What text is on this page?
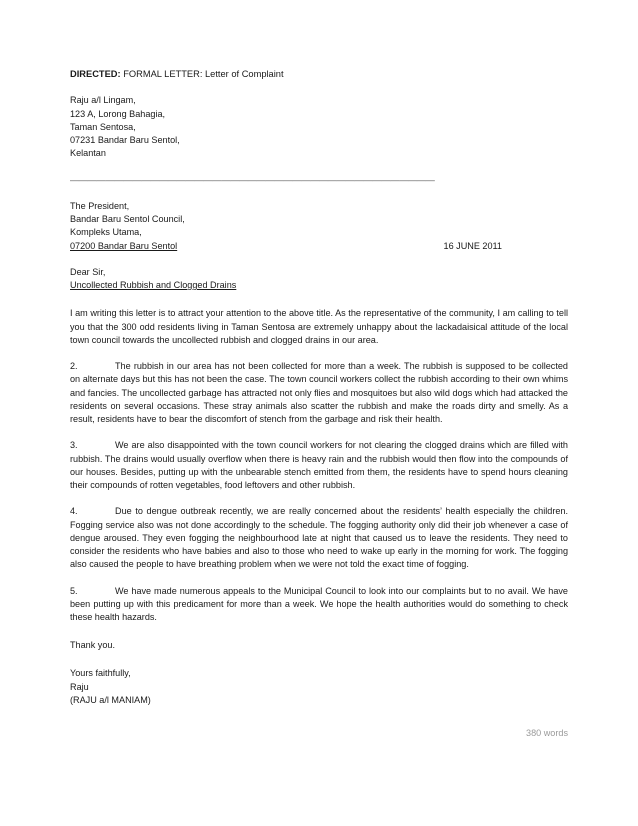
DIRECTED: FORMAL LETTER: Letter of Complaint

Raju a/l Lingam,
123 A, Lorong Bahagia,
Taman Sentosa,
07231 Bandar Baru Sentol,
Kelantan
—————————————————————————————————————————
The President,
Bandar Baru Sentol Council,
Kompleks Utama,
07200 Bandar Baru Sentol	16 JUNE 2011
Dear Sir,
Uncollected Rubbish and Clogged Drains

I am writing this letter is to attract your attention to the above title. As the representative of the community, I am calling to tell you that the 300 odd residents living in Taman Sentosa are extremely unhappy about the lackadaisical attitude of the local town council towards the uncollected rubbish and clogged drains in our area.

2.	The rubbish in our area has not been collected for more than a week. The rubbish is supposed to be collected on alternate days but this has not been the case. The town council workers collect the rubbish according to their own whims and fancies. The uncollected garbage has attracted not only flies and mosquitoes but also wild dogs which had attacked the residents on several occasions. These stray animals also scatter the rubbish and make the roads dirty and smelly. As a result, residents have to bear the discomfort of stench from the garbage and risk their health.

3.	We are also disappointed with the town council workers for not clearing the clogged drains which are filled with rubbish. The drains would usually overflow when there is heavy rain and the rubbish would then flow into the compounds of our houses. Besides, putting up with the unbearable stench emitted from them, the residents have to spend hours cleaning their compounds of rotten vegetables, food leftovers and other rubbish.

4.	Due to dengue outbreak recently, we are really concerned about the residents’ health especially the children. Fogging service also was not done accordingly to the schedule. The fogging authority only did their job whenever a case of dengue aroused. They even fogging the neighbourhood late at night that caused us to leave the residents. They need to consider the residents who have babies and also to those who need to wake up early in the morning for work. The fogging also caused the people to have breathing problem when we were not told the exact time of fogging.

5.	We have made numerous appeals to the Municipal Council to look into our complaints but to no avail. We have been putting up with this predicament for more than a week. We hope the health authorities would do something to check these health hazards.

Thank you.

Yours faithfully,
Raju
(RAJU a/l MANIAM)
380 words
